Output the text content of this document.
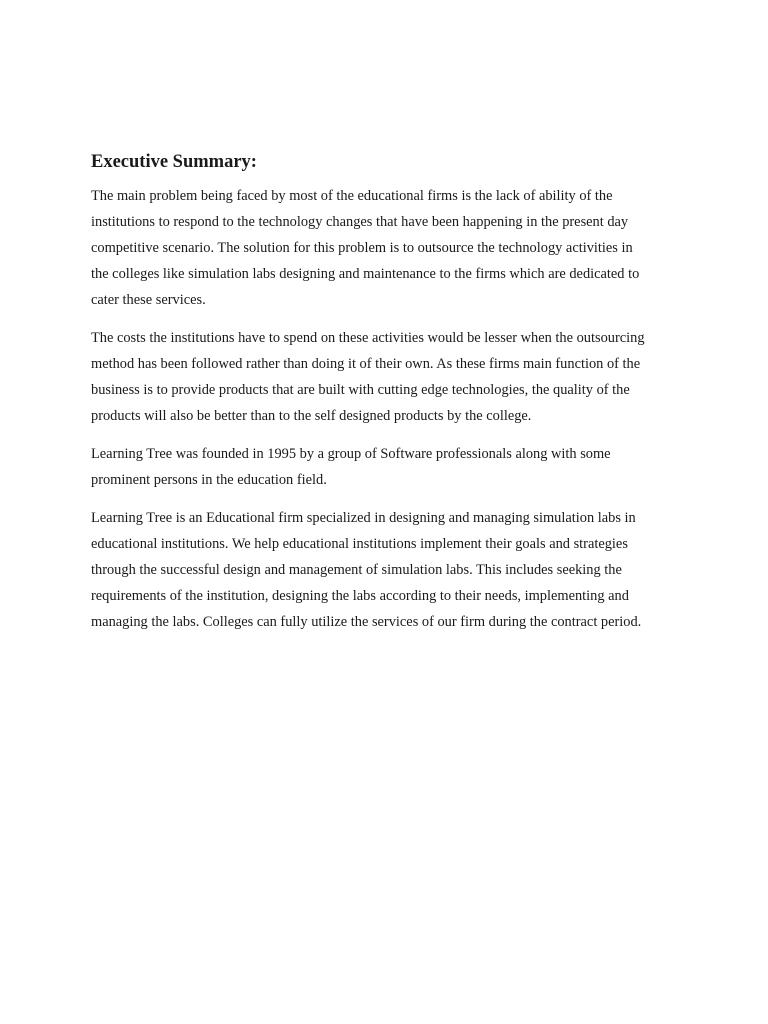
Executive Summary:
The main problem being faced by most of the educational firms is the lack of ability of the
institutions to respond to the technology changes that have been happening in the present day
competitive scenario. The solution for this problem is to outsource the technology activities in
the colleges like simulation labs designing and maintenance to the firms which are dedicated to
cater these services.
The costs the institutions have to spend on these activities would be lesser when the outsourcing
method has been followed rather than doing it of their own. As these firms main function of the
business is to provide products that are built with cutting edge technologies, the quality of the
products will also be better than to the self designed products by the college.
Learning Tree was founded in 1995 by a group of Software professionals along with some
prominent persons in the education field.
Learning Tree is an Educational firm specialized in designing and managing simulation labs in
educational institutions. We help educational institutions implement their goals and strategies
through the successful design and management of simulation labs. This includes seeking the
requirements of the institution, designing the labs according to their needs, implementing and
managing the labs. Colleges can fully utilize the services of our firm during the contract period.
